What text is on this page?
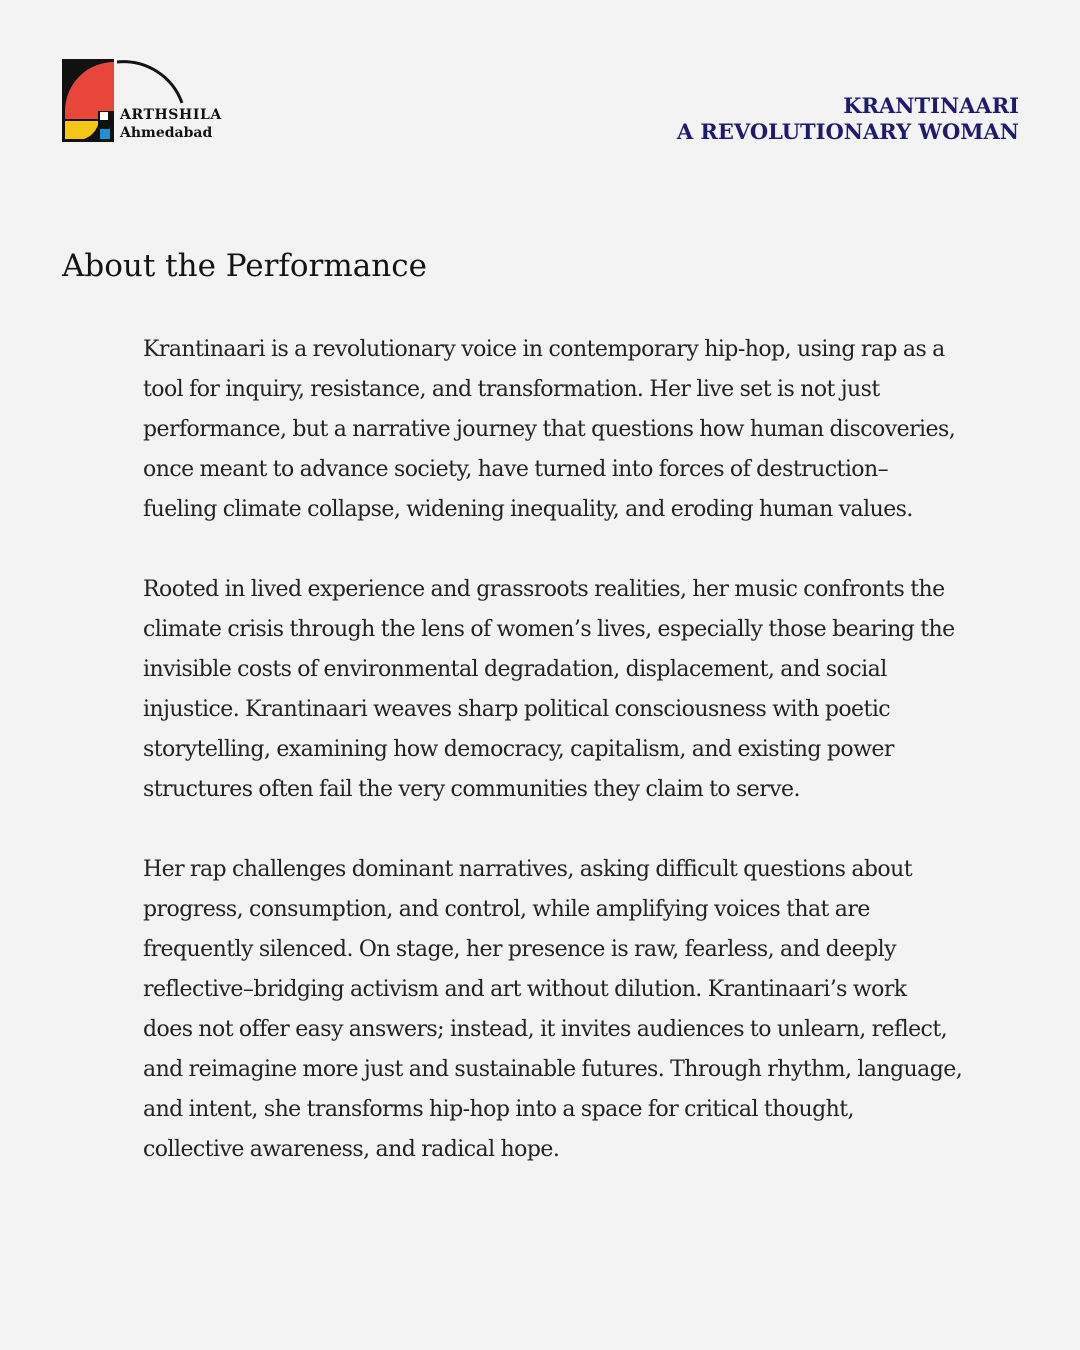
ARTHSHILA
Ahmedabad
KRANTINAARI
A REVOLUTIONARY WOMAN
About the Performance

Krantinaari is a revolutionary voice in contemporary hip-hop, using rap as a
tool for inquiry, resistance, and transformation. Her live set is not just
performance, but a narrative journey that questions how human discoveries,
once meant to advance society, have turned into forces of destruction–
fueling climate collapse, widening inequality, and eroding human values.

Rooted in lived experience and grassroots realities, her music confronts the
climate crisis through the lens of women’s lives, especially those bearing the
invisible costs of environmental degradation, displacement, and social
injustice. Krantinaari weaves sharp political consciousness with poetic
storytelling, examining how democracy, capitalism, and existing power
structures often fail the very communities they claim to serve.

Her rap challenges dominant narratives, asking difficult questions about
progress, consumption, and control, while amplifying voices that are
frequently silenced. On stage, her presence is raw, fearless, and deeply
reflective–bridging activism and art without dilution. Krantinaari’s work
does not offer easy answers; instead, it invites audiences to unlearn, reflect,
and reimagine more just and sustainable futures. Through rhythm, language,
and intent, she transforms hip-hop into a space for critical thought,
collective awareness, and radical hope.
